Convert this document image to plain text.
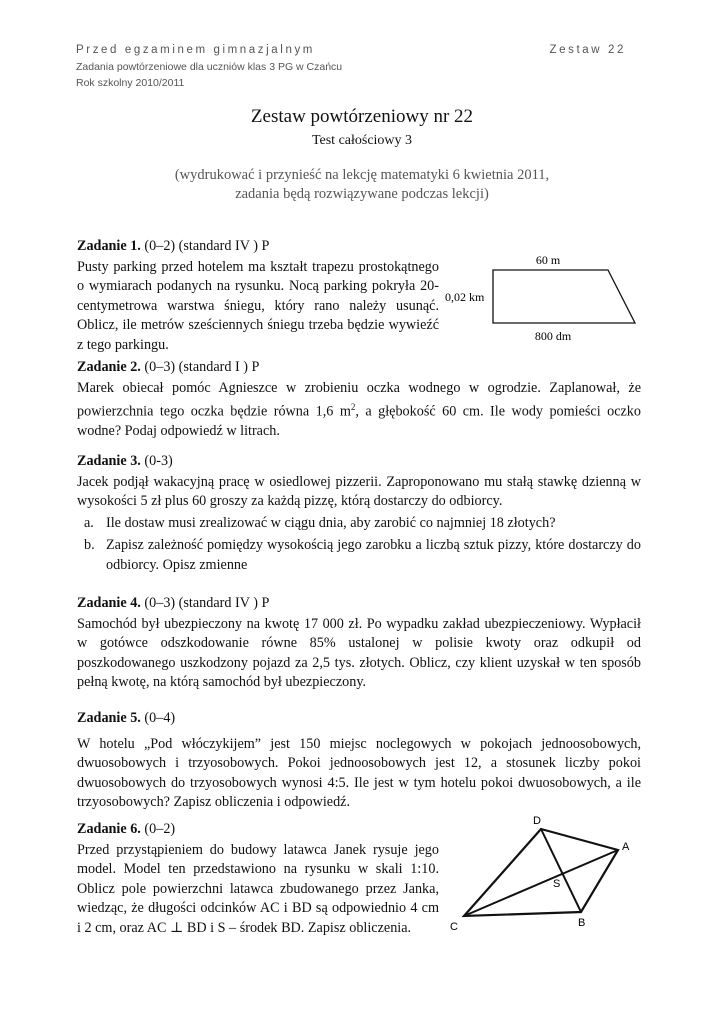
Przed egzaminem gimnazjalnym	Zestaw 22
Zadania powtórzeniowe dla uczniów klas 3 PG w Czańcu
Rok szkolny 2010/2011
Zestaw powtórzeniowy nr 22
Test całościowy 3
(wydrukować i przynieść na lekcję matematyki 6 kwietnia 2011,
zadania będą rozwiązywane podczas lekcji)

Zadanie 1. (0–2) (standard IV ) P

Pusty parking przed hotelem ma kształt trapezu prostokątnego o wymiarach podanych na rysunku. Nocą parking pokryła 20-centymetrowa warstwa śniegu, który rano należy usunąć. Oblicz, ile metrów sześciennych śniegu trzeba będzie wywieźć z tego parkingu.

60 m
0,02 km
800 dm

Zadanie 2. (0–3) (standard I ) P

Marek obiecał pomóc Agnieszce w zrobieniu oczka wodnego w ogrodzie. Zaplanował, że powierzchnia tego oczka będzie równa 1,6 $m^2$, a głębokość 60 cm. Ile wody pomieści oczko wodne? Podaj odpowiedź w litrach.

Zadanie 3. (0-3)

Jacek podjął wakacyjną pracę w osiedlowej pizzerii. Zaproponowano mu stałą stawkę dzienną w wysokości 5 zł plus 60 groszy za każdą pizzę, którą dostarczy do odbiorcy.

a. Ile dostaw musi zrealizować w ciągu dnia, aby zarobić co najmniej 18 złotych?
b. Zapisz zależność pomiędzy wysokością jego zarobku a liczbą sztuk pizzy, które dostarczy do odbiorcy. Opisz zmienne

Zadanie 4. (0–3) (standard IV ) P

Samochód był ubezpieczony na kwotę 17 000 zł. Po wypadku zakład ubezpieczeniowy. Wypłacił w gotówce odszkodowanie równe 85% ustalonej w polisie kwoty oraz odkupił od poszkodowanego uszkodzony pojazd za 2,5 tys. złotych. Oblicz, czy klient uzyskał w ten sposób pełną kwotę, na którą samochód był ubezpieczony.

Zadanie 5. (0–4)

W hotelu „Pod włóczykijem” jest 150 miejsc noclegowych w pokojach jednoosobowych, dwuosobowych i trzyosobowych. Pokoi jednoosobowych jest 12, a stosunek liczby pokoi dwuosobowych do trzyosobowych wynosi 4:5. Ile jest w tym hotelu pokoi dwuosobowych, a ile trzyosobowych? Zapisz obliczenia i odpowiedź.

Zadanie 6. (0–2)

Przed przystąpieniem do budowy latawca Janek rysuje jego model. Model ten przedstawiono na rysunku w skali 1:10. Oblicz pole powierzchni latawca zbudowanego przez Janka, wiedząc, że długości odcinków AC i BD są odpowiednio 4 cm i 2 cm, oraz AC ⊥ BD i S – środek BD. Zapisz obliczenia.

D
A
S
C	B
